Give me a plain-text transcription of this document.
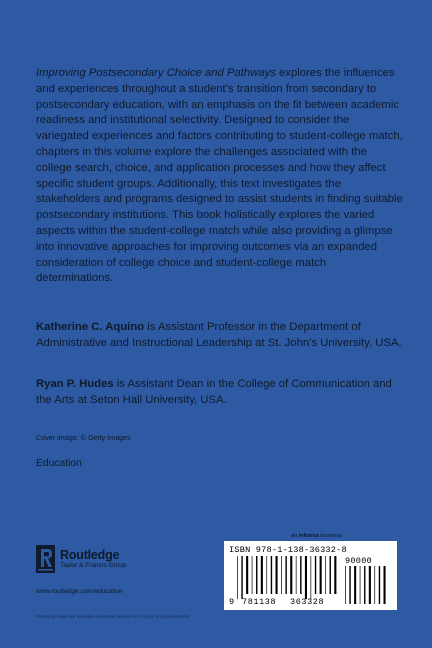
Improving Postsecondary Choice and Pathways explores the influences and experiences throughout a student’s transition from secondary to postsecondary education, with an emphasis on the fit between academic readiness and institutional selectivity. Designed to consider the variegated experiences and factors contributing to student-college match, chapters in this volume explore the challenges associated with the college search, choice, and application processes and how they affect specific student groups. Additionally, this text investigates the stakeholders and programs designed to assist students in finding suitable postsecondary institutions. This book holistically explores the varied aspects within the student-college match while also providing a glimpse into innovative approaches for improving outcomes via an expanded consideration of college choice and student-college match determinations.
Katherine C. Aquino is Assistant Professor in the Department of Administrative and Instructional Leadership at St. John’s University, USA.
Ryan P. Hudes is Assistant Dean in the College of Communication and the Arts at Seton Hall University, USA.
Cover image: © Getty Images
Education
Routledge
Taylor & Francis Group
www.routledge.com/education
Routledge titles are available as eBook editions in a range of digital formats
an informa business
ISBN 978-1-138-36332-8
9 781138 363328
90000
